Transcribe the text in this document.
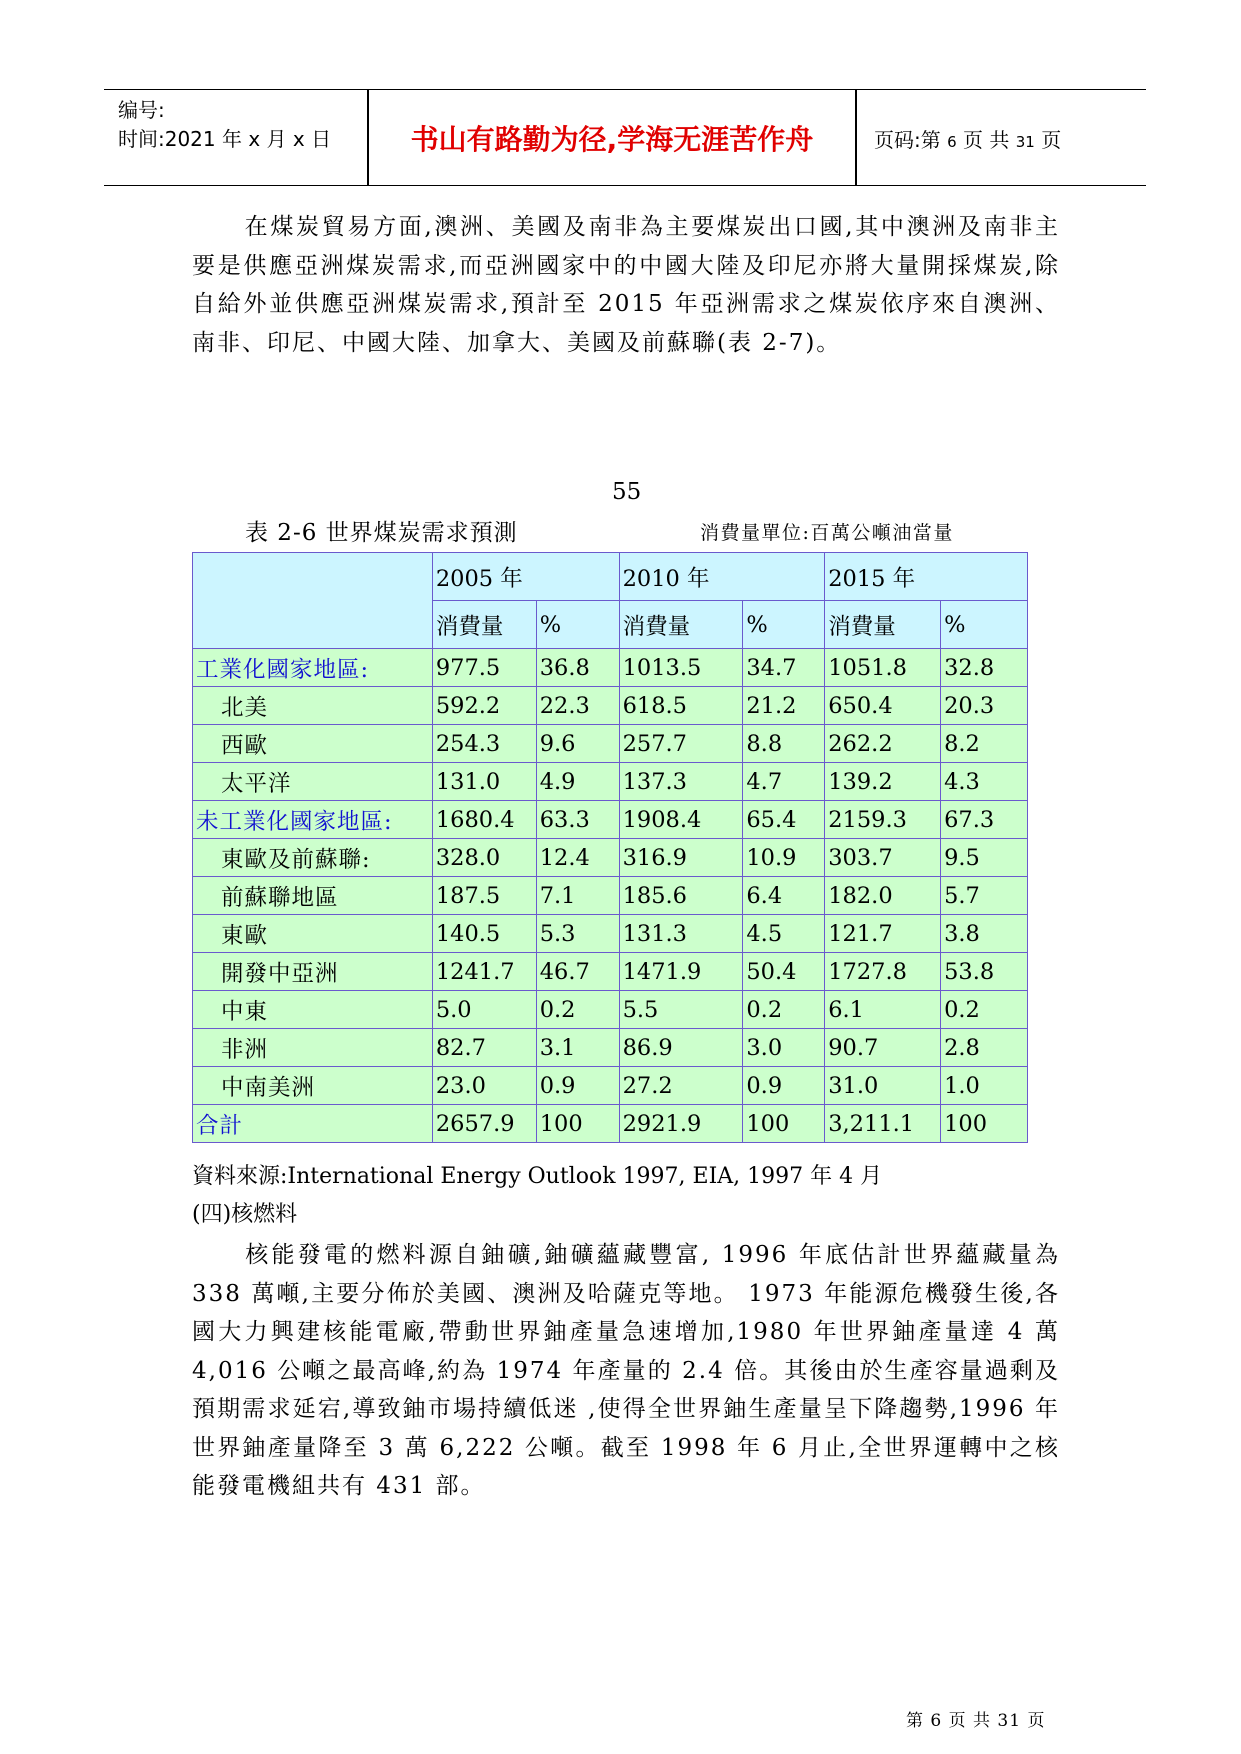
编号:
时间:2021 年 x 月 x 日	书山有路勤为径,学海无涯苦作舟	页码:第 6 页 共 31 页

在煤炭貿易方面,澳洲、美國及南非為主要煤炭出口國,其中澳洲及南非主要是供應亞洲煤炭需求,而亞洲國家中的中國大陸及印尼亦將大量開採煤炭,除自給外並供應亞洲煤炭需求,預計至 2015 年亞洲需求之煤炭依序來自澳洲、南非、印尼、中國大陸、加拿大、美國及前蘇聯(表 2-7)。

55
表 2-6 世界煤炭需求預測	消費量單位:百萬公噸油當量
	2005 年		2010 年		2015 年	
	消費量	%	消費量	%	消費量	%
工業化國家地區:	977.5	36.8	1013.5	34.7	1051.8	32.8
北美	592.2	22.3	618.5	21.2	650.4	20.3
西歐	254.3	9.6	257.7	8.8	262.2	8.2
太平洋	131.0	4.9	137.3	4.7	139.2	4.3
未工業化國家地區:	1680.4	63.3	1908.4	65.4	2159.3	67.3
東歐及前蘇聯:	328.0	12.4	316.9	10.9	303.7	9.5
前蘇聯地區	187.5	7.1	185.6	6.4	182.0	5.7
東歐	140.5	5.3	131.3	4.5	121.7	3.8
開發中亞洲	1241.7	46.7	1471.9	50.4	1727.8	53.8
中東	5.0	0.2	5.5	0.2	6.1	0.2
非洲	82.7	3.1	86.9	3.0	90.7	2.8
中南美洲	23.0	0.9	27.2	0.9	31.0	1.0
合計	2657.9	100	2921.9	100	3,211.1	100
資料來源:International Energy Outlook 1997, EIA, 1997 年 4 月
(四)核燃料

核能發電的燃料源自鈾礦,鈾礦蘊藏豐富, 1996 年底估計世界蘊藏量為 338 萬噸,主要分佈於美國、澳洲及哈薩克等地。 1973 年能源危機發生後,各國大力興建核能電廠,帶動世界鈾產量急速增加,1980 年世界鈾產量達 4 萬 4,016 公噸之最高峰,約為 1974 年產量的 2.4 倍。其後由於生產容量過剩及預期需求延宕,導致鈾市場持續低迷 ,使得全世界鈾生產量呈下降趨勢,1996 年世界鈾產量降至 3 萬 6,222 公噸。截至 1998 年 6 月止,全世界運轉中之核能發電機組共有 431 部。

第 6 页 共 31 页
